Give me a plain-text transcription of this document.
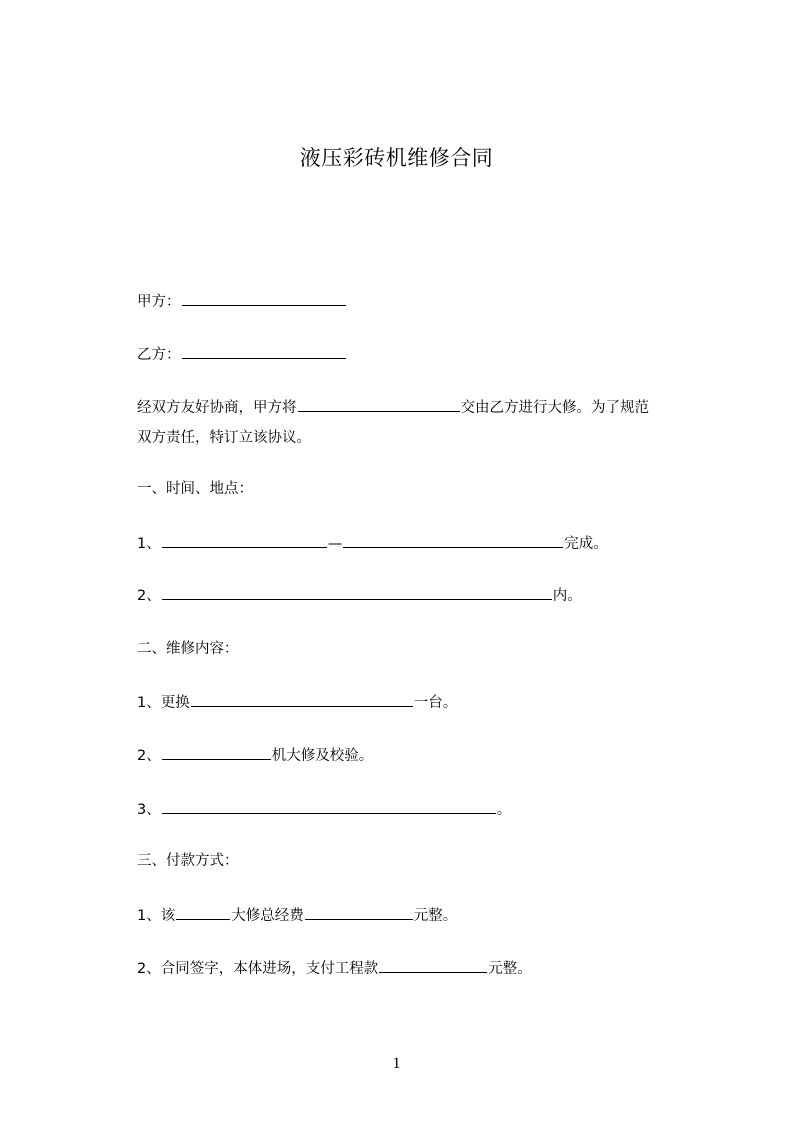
液压彩砖机维修合同
甲方：
乙方：
经双方友好协商，甲方将	交由乙方进行大修。为了规范
双方责任，特订立该协议。
一、时间、地点：
1、	—	完成。
2、	内。
二、维修内容：
1、更换	一台。
2、	机大修及校验。
3、	。
三、付款方式：
1、该	大修总经费	元整。
2、合同签字，本体进场，支付工程款	元整。
1
